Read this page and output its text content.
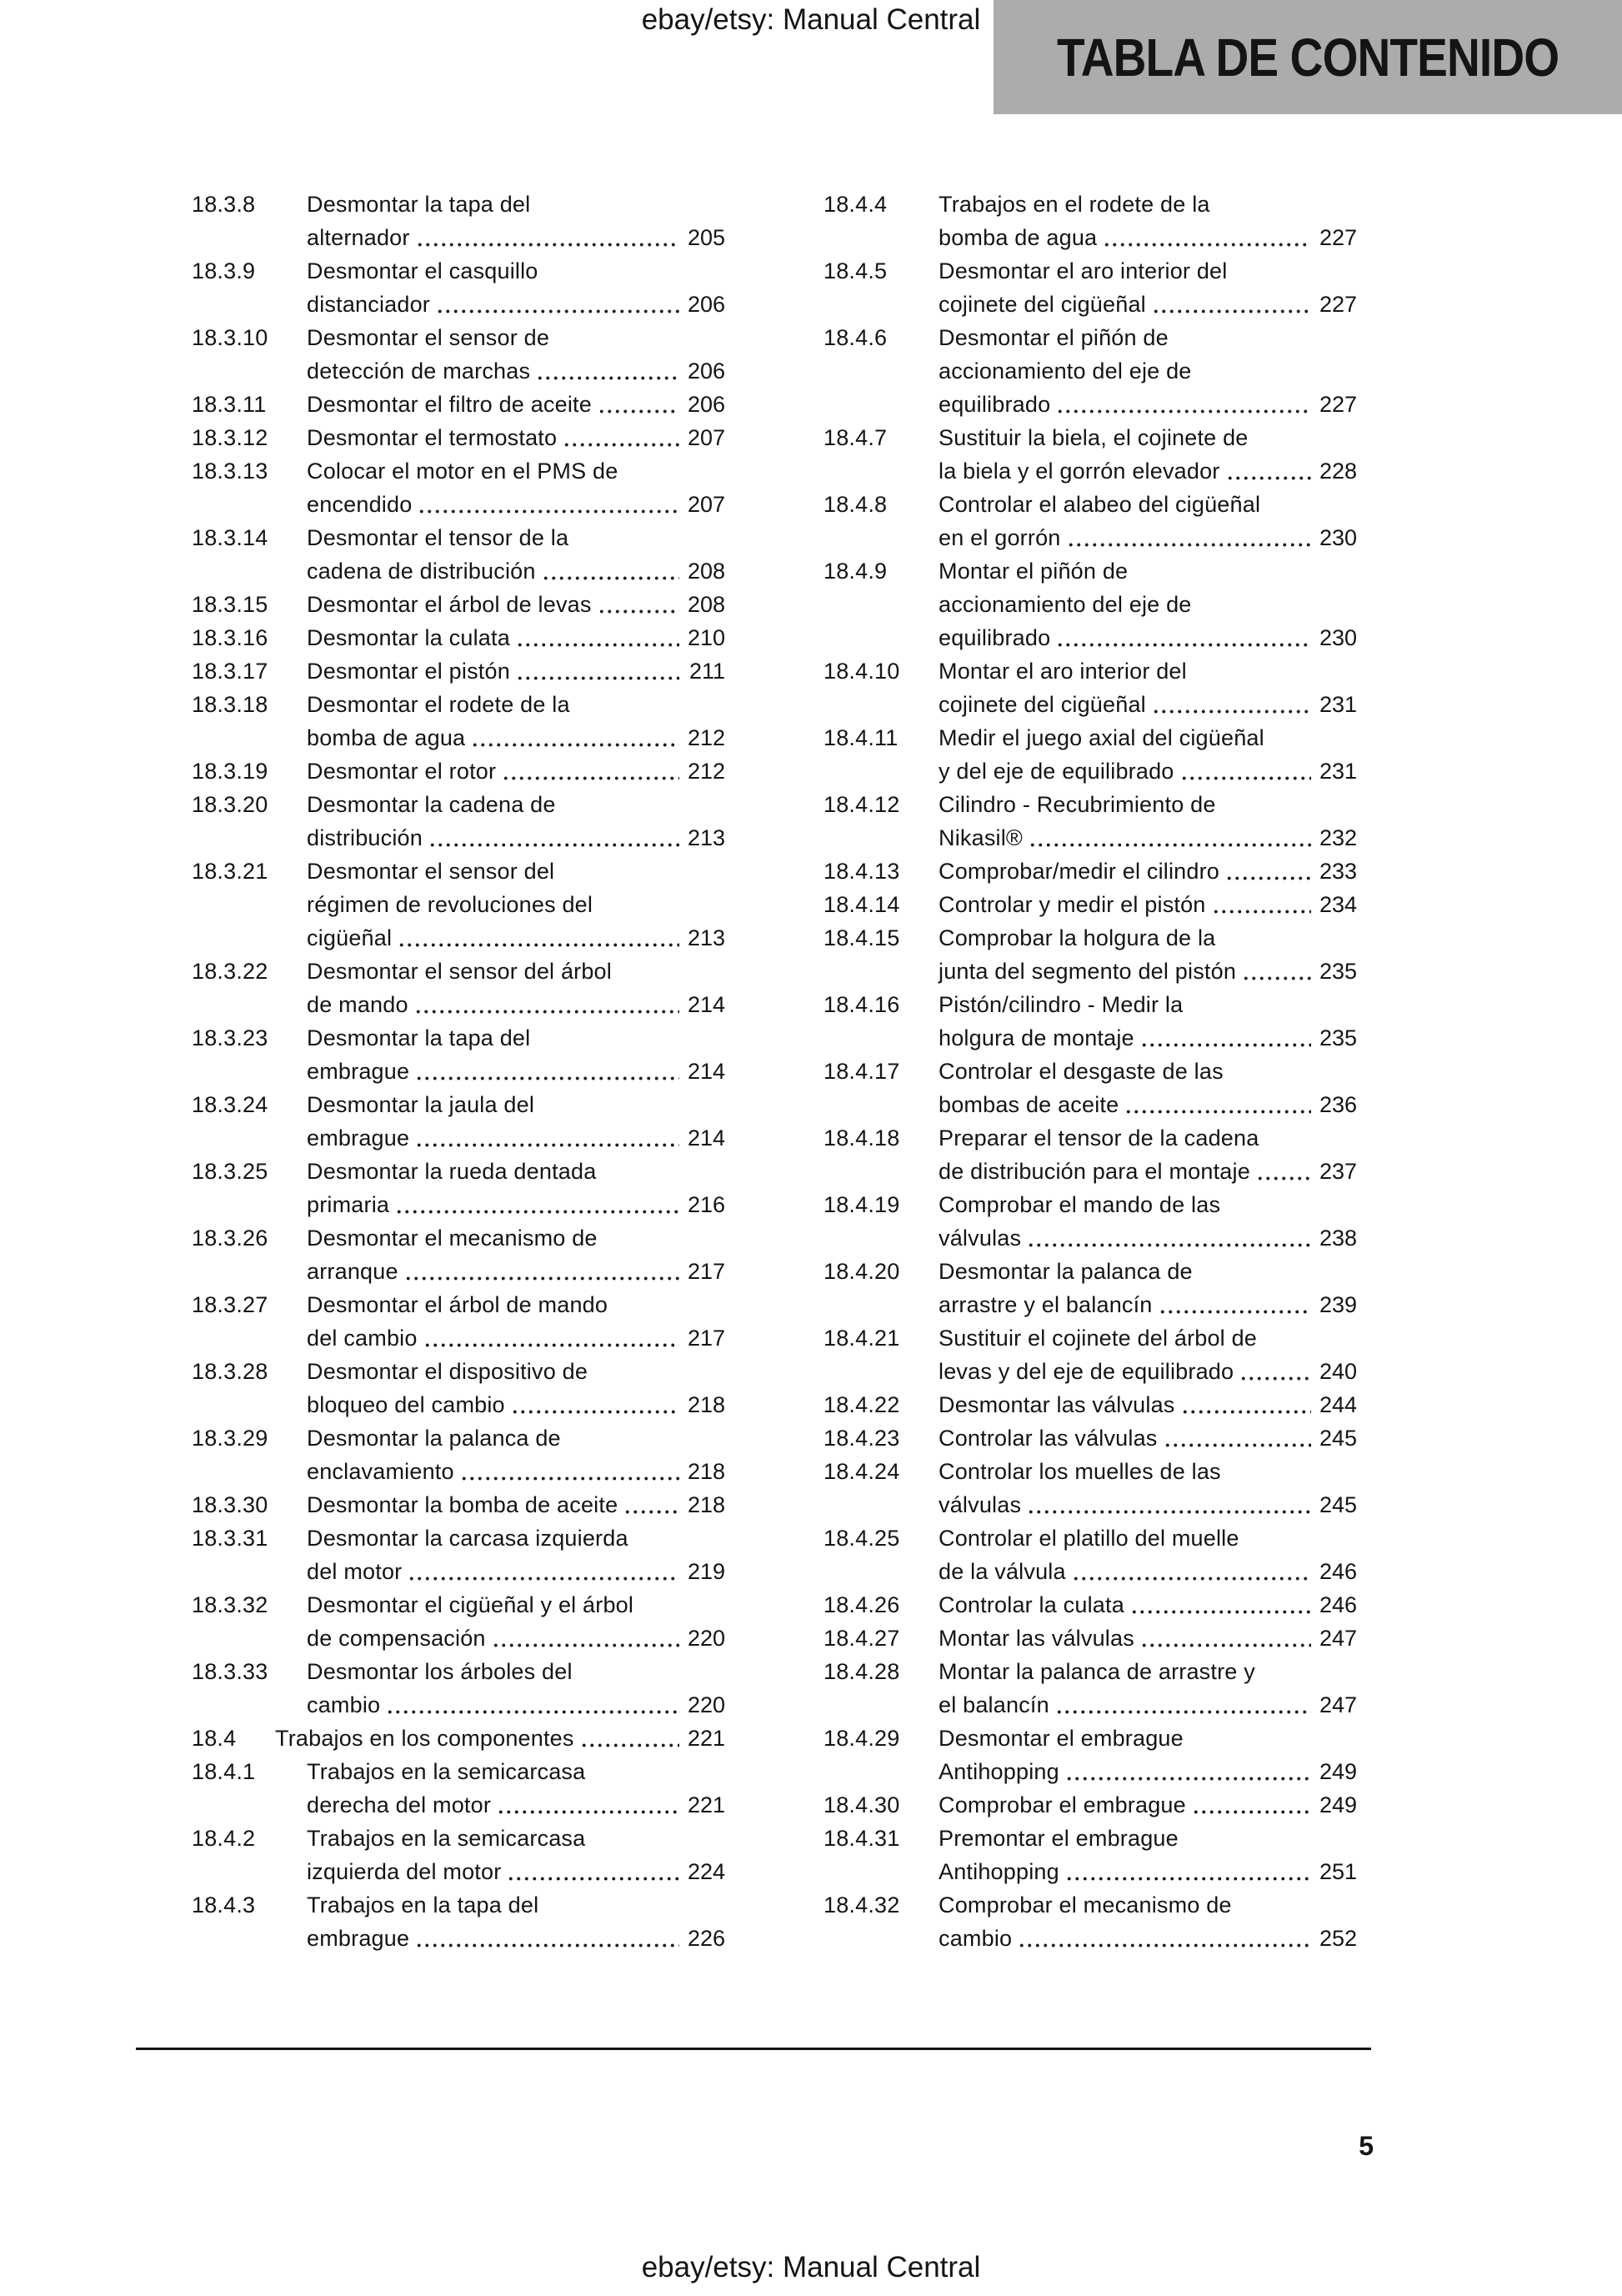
ebay/etsy: Manual Central
TABLA DE CONTENIDO
18.3.8	Desmontar la tapa del
alternador	205
18.3.9	Desmontar el casquillo
distanciador	206
18.3.10	Desmontar el sensor de
detección de marchas	206
18.3.11	Desmontar el filtro de aceite	206
18.3.12	Desmontar el termostato	207
18.3.13	Colocar el motor en el PMS de
encendido	207
18.3.14	Desmontar el tensor de la
cadena de distribución	208
18.3.15	Desmontar el árbol de levas	208
18.3.16	Desmontar la culata	210
18.3.17	Desmontar el pistón	211
18.3.18	Desmontar el rodete de la
bomba de agua	212
18.3.19	Desmontar el rotor	212
18.3.20	Desmontar la cadena de
distribución	213
18.3.21	Desmontar el sensor del
régimen de revoluciones del
cigüeñal	213
18.3.22	Desmontar el sensor del árbol
de mando	214
18.3.23	Desmontar la tapa del
embrague	214
18.3.24	Desmontar la jaula del
embrague	214
18.3.25	Desmontar la rueda dentada
primaria	216
18.3.26	Desmontar el mecanismo de
arranque	217
18.3.27	Desmontar el árbol de mando
del cambio	217
18.3.28	Desmontar el dispositivo de
bloqueo del cambio	218
18.3.29	Desmontar la palanca de
enclavamiento	218
18.3.30	Desmontar la bomba de aceite	218
18.3.31	Desmontar la carcasa izquierda
del motor	219
18.3.32	Desmontar el cigüeñal y el árbol
de compensación	220
18.3.33	Desmontar los árboles del
cambio	220
18.4	Trabajos en los componentes	221
18.4.1	Trabajos en la semicarcasa
derecha del motor	221
18.4.2	Trabajos en la semicarcasa
izquierda del motor	224
18.4.3	Trabajos en la tapa del
embrague	226
18.4.4	Trabajos en el rodete de la
bomba de agua	227
18.4.5	Desmontar el aro interior del
cojinete del cigüeñal	227
18.4.6	Desmontar el piñón de
accionamiento del eje de
equilibrado	227
18.4.7	Sustituir la biela, el cojinete de
la biela y el gorrón elevador	228
18.4.8	Controlar el alabeo del cigüeñal
en el gorrón	230
18.4.9	Montar el piñón de
accionamiento del eje de
equilibrado	230
18.4.10	Montar el aro interior del
cojinete del cigüeñal	231
18.4.11	Medir el juego axial del cigüeñal
y del eje de equilibrado	231
18.4.12	Cilindro - Recubrimiento de
Nikasil®	232
18.4.13	Comprobar/medir el cilindro	233
18.4.14	Controlar y medir el pistón	234
18.4.15	Comprobar la holgura de la
junta del segmento del pistón	235
18.4.16	Pistón/cilindro - Medir la
holgura de montaje	235
18.4.17	Controlar el desgaste de las
bombas de aceite	236
18.4.18	Preparar el tensor de la cadena
de distribución para el montaje	237
18.4.19	Comprobar el mando de las
válvulas	238
18.4.20	Desmontar la palanca de
arrastre y el balancín	239
18.4.21	Sustituir el cojinete del árbol de
levas y del eje de equilibrado	240
18.4.22	Desmontar las válvulas	244
18.4.23	Controlar las válvulas	245
18.4.24	Controlar los muelles de las
válvulas	245
18.4.25	Controlar el platillo del muelle
de la válvula	246
18.4.26	Controlar la culata	246
18.4.27	Montar las válvulas	247
18.4.28	Montar la palanca de arrastre y
el balancín	247
18.4.29	Desmontar el embrague
Antihopping	249
18.4.30	Comprobar el embrague	249
18.4.31	Premontar el embrague
Antihopping	251
18.4.32	Comprobar el mecanismo de
cambio	252
5
ebay/etsy: Manual Central
